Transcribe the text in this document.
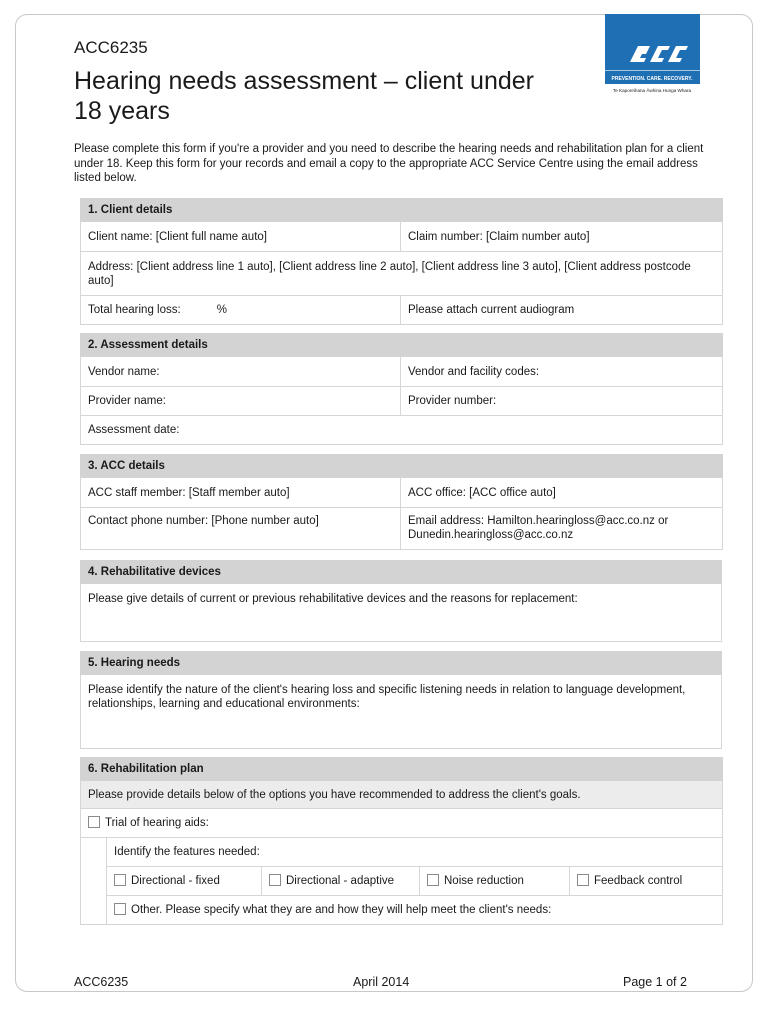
ACC6235
Hearing needs assessment – client under 18 years
PREVENTION. CARE. RECOVERY.
Te Kaporeihana Āwhina Hunga Whara
Please complete this form if you're a provider and you need to describe the hearing needs and rehabilitation plan for a client under 18. Keep this form for your records and email a copy to the appropriate ACC Service Centre using the email address listed below.
1. Client details	
Client name: [Client full name auto]	Claim number: [Claim number auto]
Address: [Client address line 1 auto], [Client address line 2 auto], [Client address line 3 auto], [Client address postcode auto]	
Total hearing loss: %	Please attach current audiogram
2. Assessment details	
Vendor name:	Vendor and facility codes:
Provider name:	Provider number:
Assessment date:	
3. ACC details	
ACC staff member: [Staff member auto]	ACC office: [ACC office auto]
Contact phone number: [Phone number auto]	Email address: Hamilton.hearingloss@acc.co.nz or Dunedin.hearingloss@acc.co.nz
4. Rehabilitative devices
Please give details of current or previous rehabilitative devices and the reasons for replacement:
5. Hearing needs
Please identify the nature of the client's hearing loss and specific listening needs in relation to language development, relationships, learning and educational environments:
6. Rehabilitation plan				
Please provide details below of the options you have recommended to address the client's goals.				
Trial of hearing aids:				
	Identify the features needed:			
	Directional - fixed	Directional - adaptive	Noise reduction	Feedback control
	Other. Please specify what they are and how they will help meet the client's needs:			
ACC6235	April 2014	Page 1 of 2
